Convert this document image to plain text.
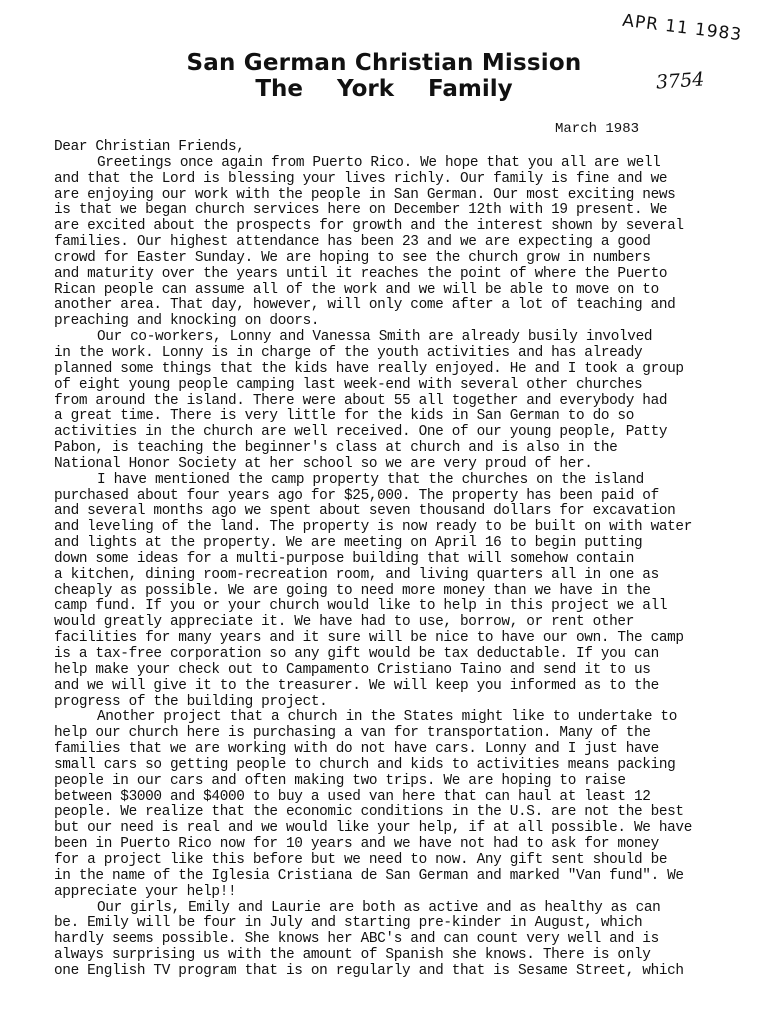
San German Christian Mission
The York Family
APR 11 1983
3754
March 1983

Dear Christian Friends,

Greetings once again from Puerto Rico. We hope that you all are well

and that the Lord is blessing your lives richly. Our family is fine and we

are enjoying our work with the people in San German. Our most exciting news

is that we began church services here on December 12th with 19 present. We

are excited about the prospects for growth and the interest shown by several

families. Our highest attendance has been 23 and we are expecting a good

crowd for Easter Sunday. We are hoping to see the church grow in numbers

and maturity over the years until it reaches the point of where the Puerto

Rican people can assume all of the work and we will be able to move on to

another area. That day, however, will only come after a lot of teaching and

preaching and knocking on doors.

Our co-workers, Lonny and Vanessa Smith are already busily involved

in the work. Lonny is in charge of the youth activities and has already

planned some things that the kids have really enjoyed. He and I took a group

of eight young people camping last week-end with several other churches

from around the island. There were about 55 all together and everybody had

a great time. There is very little for the kids in San German to do so

activities in the church are well received. One of our young people, Patty

Pabon, is teaching the beginner's class at church and is also in the

National Honor Society at her school so we are very proud of her.

I have mentioned the camp property that the churches on the island

purchased about four years ago for $25,000. The property has been paid of

and several months ago we spent about seven thousand dollars for excavation

and leveling of the land. The property is now ready to be built on with water

and lights at the property. We are meeting on April 16 to begin putting

down some ideas for a multi-purpose building that will somehow contain

a kitchen, dining room-recreation room, and living quarters all in one as

cheaply as possible. We are going to need more money than we have in the

camp fund. If you or your church would like to help in this project we all

would greatly appreciate it. We have had to use, borrow, or rent other

facilities for many years and it sure will be nice to have our own. The camp

is a tax-free corporation so any gift would be tax deductable. If you can

help make your check out to Campamento Cristiano Taino and send it to us

and we will give it to the treasurer. We will keep you informed as to the

progress of the building project.

Another project that a church in the States might like to undertake to

help our church here is purchasing a van for transportation. Many of the

families that we are working with do not have cars. Lonny and I just have

small cars so getting people to church and kids to activities means packing

people in our cars and often making two trips. We are hoping to raise

between $3000 and $4000 to buy a used van here that can haul at least 12

people. We realize that the economic conditions in the U.S. are not the best

but our need is real and we would like your help, if at all possible. We have

been in Puerto Rico now for 10 years and we have not had to ask for money

for a project like this before but we need to now. Any gift sent should be

in the name of the Iglesia Cristiana de San German and marked "Van fund". We

appreciate your help!!

Our girls, Emily and Laurie are both as active and as healthy as can

be. Emily will be four in July and starting pre-kinder in August, which

hardly seems possible. She knows her ABC's and can count very well and is

always surprising us with the amount of Spanish she knows. There is only

one English TV program that is on regularly and that is Sesame Street, which
